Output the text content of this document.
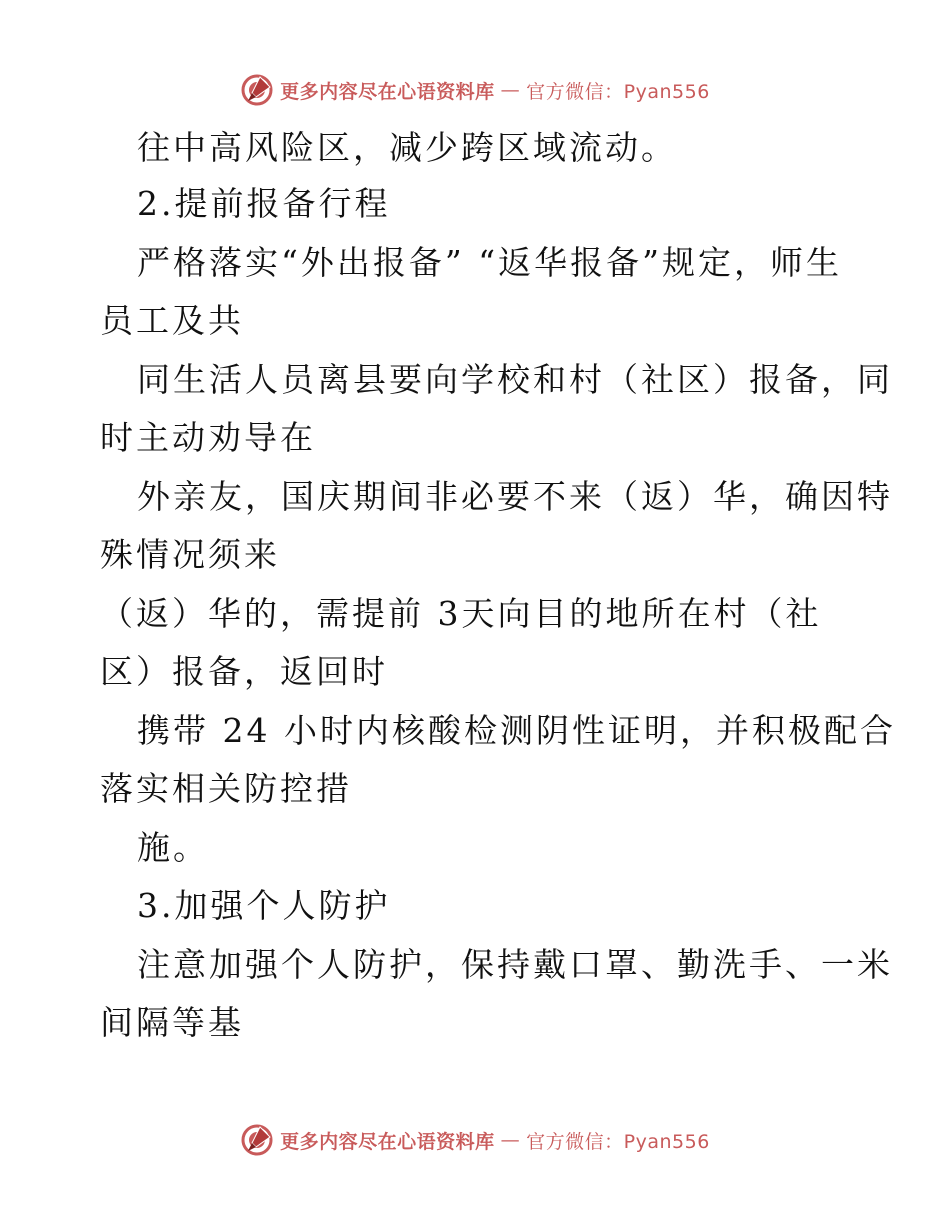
更多内容尽在心语资料库 — 官方微信：Pyan556
往中高风险区，减少跨区域流动。
2.提前报备行程
严格落实“外出报备” “返华报备”规定，师生
员工及共
同生活人员离县要向学校和村（社区）报备，同
时主动劝导在
外亲友，国庆期间非必要不来（返）华，确因特
殊情况须来
（返）华的，需提前 3天向目的地所在村（社
区）报备，返回时
携带 24 小时内核酸检测阴性证明，并积极配合
落实相关防控措
施。
3.加强个人防护
注意加强个人防护，保持戴口罩、勤洗手、一米
间隔等基
更多内容尽在心语资料库 — 官方微信：Pyan556
